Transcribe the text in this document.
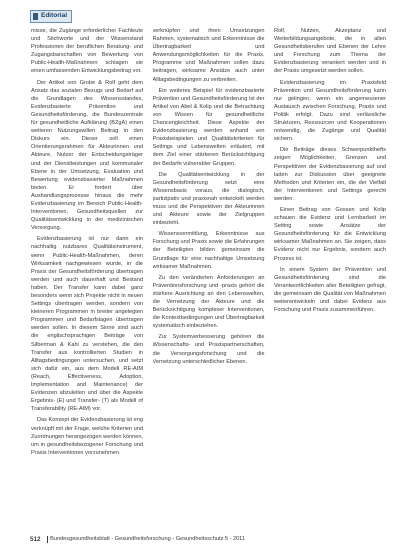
Editorial

misse, die Zugänge erforderlicher Fachleute und Stichworte und der Wissenstand Professionen der beruflichen Beratung- und Zugangsbarschaften von Bewertung von Public-Health-Maßnahmen schlagen sie einen umfassenden Entwicklungsbeitrag vor.

Der Artikel von Grobe & Rolf geht dem Ansatz das sozialen Bezugs und Bedarf auf die Grundlagen des Wissensstandes, Evidenzbasierte Prävention und Gesundheitsförderung, die Bundeszentrale für gesundheitliche Aufklärung (BZgA) einen weiteren Nutzungswillen Beitrag in den Diskurs ein. Dieser soll einen Orientierungsrahmen für Akteurinnen und Akteure, Nutzer der Entscheidungsträger und der Dienstleistungen und kommunaler Ebene in der Umsetzung, Evaluation und Bewertung evidenzbasierter Maßnahmen bieten. Er fordert über Aushandlungsprozesse hinaus die mehr Evidenzbasierung im Bereich Public-Health-Interventionen, Gesundheitsquellen zur Qualitätsentwicklung in der medizinischen Versorgung.

Evidenzbasierung ist nur dann ein nachhaltig nutzbares Qualitätsinstrument, wenn Public-Health-Maßnahmen, deren Wirksamkeit nachgewiesen wurde, in die Praxis der Gesundheitsförderung übertragen werden und auch dauerhaft und Bestand haben. Der Transfer kann dabei ganz besonders wenn sich Projekte nicht in neuen Settings übertragen werden, sondern von kleineren Programmen in breiter angelegten Programmen und Bedarfslagen übertragen werden sollen. In diesem Sinne sind auch die englischsprachigen Beiträge von Silberman & Kahl zu verstehen, die den Transfer aus kontrollierten Studien in Alltagsbedingungen untersuchen, und setzt sich dafür ein, aus dem Modell RE-AIM (Reach, Effectiveness, Adoption, Implementation and Maintenance) der Evidenzen abzuleiten und über die Aspekte Ergebnis- (E) und Transfer- (T) als Modell of Transferability (RE-AIM) vor.

Das Konzept der Evidenzbasierung ist eng verknüpft mit der Frage, welche Kriterien und Zuordnungen herangezogen werden können, um in gesundheitsbezogener Forschung und Praxis Interventionen vorzunehmen.

verknüpfen und ihren Umsetzungen Rahmen, systematisch und Erkenntnisse die Übertragbarkeit und Anwendungsmöglichkeiten für die Praxis. Programme und Maßnahmen sollen dazu beitragen, wirksame Ansätze auch unter Alltagsbedingungen zu verbreiten.

Ein weiteres Beispiel für evidenzbasierte Prävention und Gesundheitsförderung ist der Artikel von Abel & Kolip und die Betrachtung von Wissen für gesundheitliche Chancengleichheit. Diese Aspekte der Evidenzbasierung werden anhand von Praxisbeispielen und Qualitätskriterien für Settings und Lebenswelten erläutert, mit dem Ziel einer stärkeren Berücksichtigung der Bedarfe vulnerabler Gruppen.

Die Qualitätsentwicklung in der Gesundheitsförderung setzt eine Wissensbasis voraus, die dialogisch, partizipativ und praxisnah entwickelt werden muss und die Perspektiven der Akteurinnen und Akteure sowie der Zielgruppen einbezieht.

Wissensvermittlung, Erkenntnisse aus Forschung und Praxis sowie die Erfahrungen der Beteiligten bilden gemeinsam die Grundlage für eine nachhaltige Umsetzung wirksamer Maßnahmen.

Zu den veränderten Anforderungen an Präventionsforschung und -praxis gehört die stärkere Ausrichtung an den Lebenswelten, die Vernetzung der Akteure und die Berücksichtigung komplexer Interventionen, die Kontextbedingungen und Übertragbarkeit systematisch einbeziehen.

Zur Systemverbesserung gehören die Wissenschafts- und Praxispartnerschaften, die Versorgungsforschung und die Vernetzung unterschiedlicher Ebenen.

Rolf, Nutzen, Akzeptanz und Weiterbildungsangebote, die in allen Gesundheitsberufen und Ebenen der Lehre und Forschung zum Thema der Evidenzbasierung verankert werden und in der Praxis umgesetzt werden sollen.

Evidenzbasierung im Praxisfeld Prävention und Gesundheitsförderung kann nur gelingen, wenn ein angemessener Austausch zwischen Forschung, Praxis und Politik erfolgt. Dazu sind verlässliche Strukturen, Ressourcen und Kooperationen notwendig, die Zugänge und Qualität sichern.

Die Beiträge dieses Schwerpunkthefts zeigen Möglichkeiten, Grenzen und Perspektiven der Evidenzbasierung auf und laden zur Diskussion über geeignete Methoden und Kriterien ein, die der Vielfalt der Interventionen und Settings gerecht werden.

Einen Beitrag von Gossen und Kolip schauen die Evidenz und Lernbarkeit im Setting sowie Ansätze der Gesundheitsförderung für die Entwicklung wirksamer Maßnahmen an. Sie zeigen, dass Evidenz nicht nur Ergebnis, sondern auch Prozess ist.

In einem System der Prävention und Gesundheitsförderung sind die Verantwortlichkeiten aller Beteiligten gefragt, die gemeinsam die Qualität von Maßnahmen weiterentwickeln und dabei Evidenz aus Forschung und Praxis zusammenführen.

512 Bundesgesundheitsblatt - Gesundheitsforschung - Gesundheitsschutz 5 · 2011
